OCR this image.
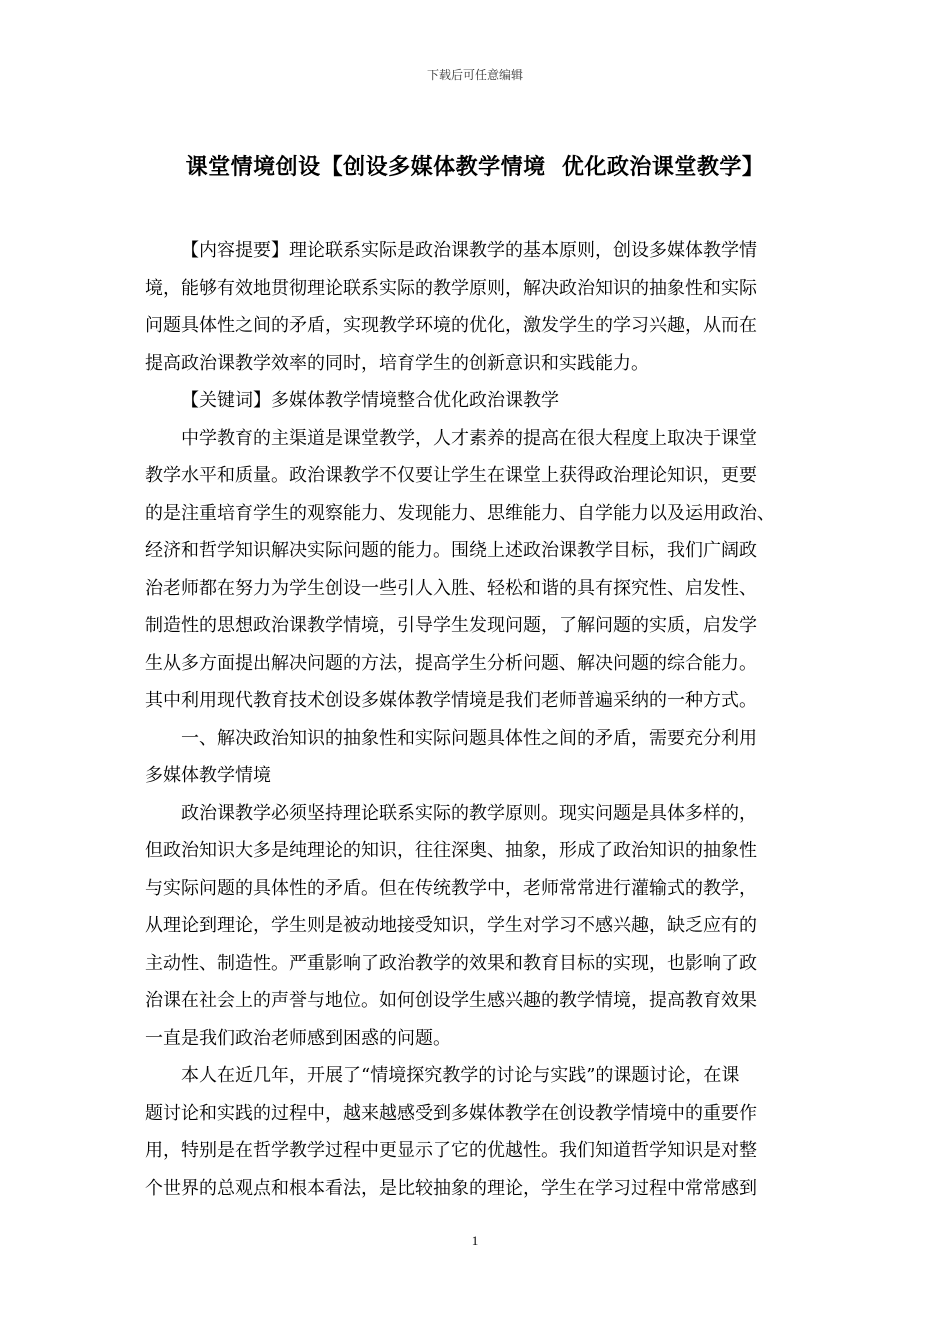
下载后可任意编辑
课堂情境创设【创设多媒体教学情境  优化政治课堂教学】
【内容提要】理论联系实际是政治课教学的基本原则，创设多媒体教学情
境，能够有效地贯彻理论联系实际的教学原则，解决政治知识的抽象性和实际
问题具体性之间的矛盾，实现教学环境的优化，激发学生的学习兴趣，从而在
提高政治课教学效率的同时，培育学生的创新意识和实践能力。
【关键词】多媒体教学情境整合优化政治课教学
中学教育的主渠道是课堂教学，人才素养的提高在很大程度上取决于课堂
教学水平和质量。政治课教学不仅要让学生在课堂上获得政治理论知识，更要
的是注重培育学生的观察能力、发现能力、思维能力、自学能力以及运用政治、
经济和哲学知识解决实际问题的能力。围绕上述政治课教学目标，我们广阔政
治老师都在努力为学生创设一些引人入胜、轻松和谐的具有探究性、启发性、
制造性的思想政治课教学情境，引导学生发现问题，了解问题的实质，启发学
生从多方面提出解决问题的方法，提高学生分析问题、解决问题的综合能力。
其中利用现代教育技术创设多媒体教学情境是我们老师普遍采纳的一种方式。
一、解决政治知识的抽象性和实际问题具体性之间的矛盾，需要充分利用
多媒体教学情境
政治课教学必须坚持理论联系实际的教学原则。现实问题是具体多样的，
但政治知识大多是纯理论的知识，往往深奥、抽象，形成了政治知识的抽象性
与实际问题的具体性的矛盾。但在传统教学中，老师常常进行灌输式的教学，
从理论到理论，学生则是被动地接受知识，学生对学习不感兴趣，缺乏应有的
主动性、制造性。严重影响了政治教学的效果和教育目标的实现，也影响了政
治课在社会上的声誉与地位。如何创设学生感兴趣的教学情境，提高教育效果
一直是我们政治老师感到困惑的问题。
本人在近几年，开展了“情境探究教学的讨论与实践”的课题讨论，在课
题讨论和实践的过程中，越来越感受到多媒体教学在创设教学情境中的重要作
用，特别是在哲学教学过程中更显示了它的优越性。我们知道哲学知识是对整
个世界的总观点和根本看法，是比较抽象的理论，学生在学习过程中常常感到
1
